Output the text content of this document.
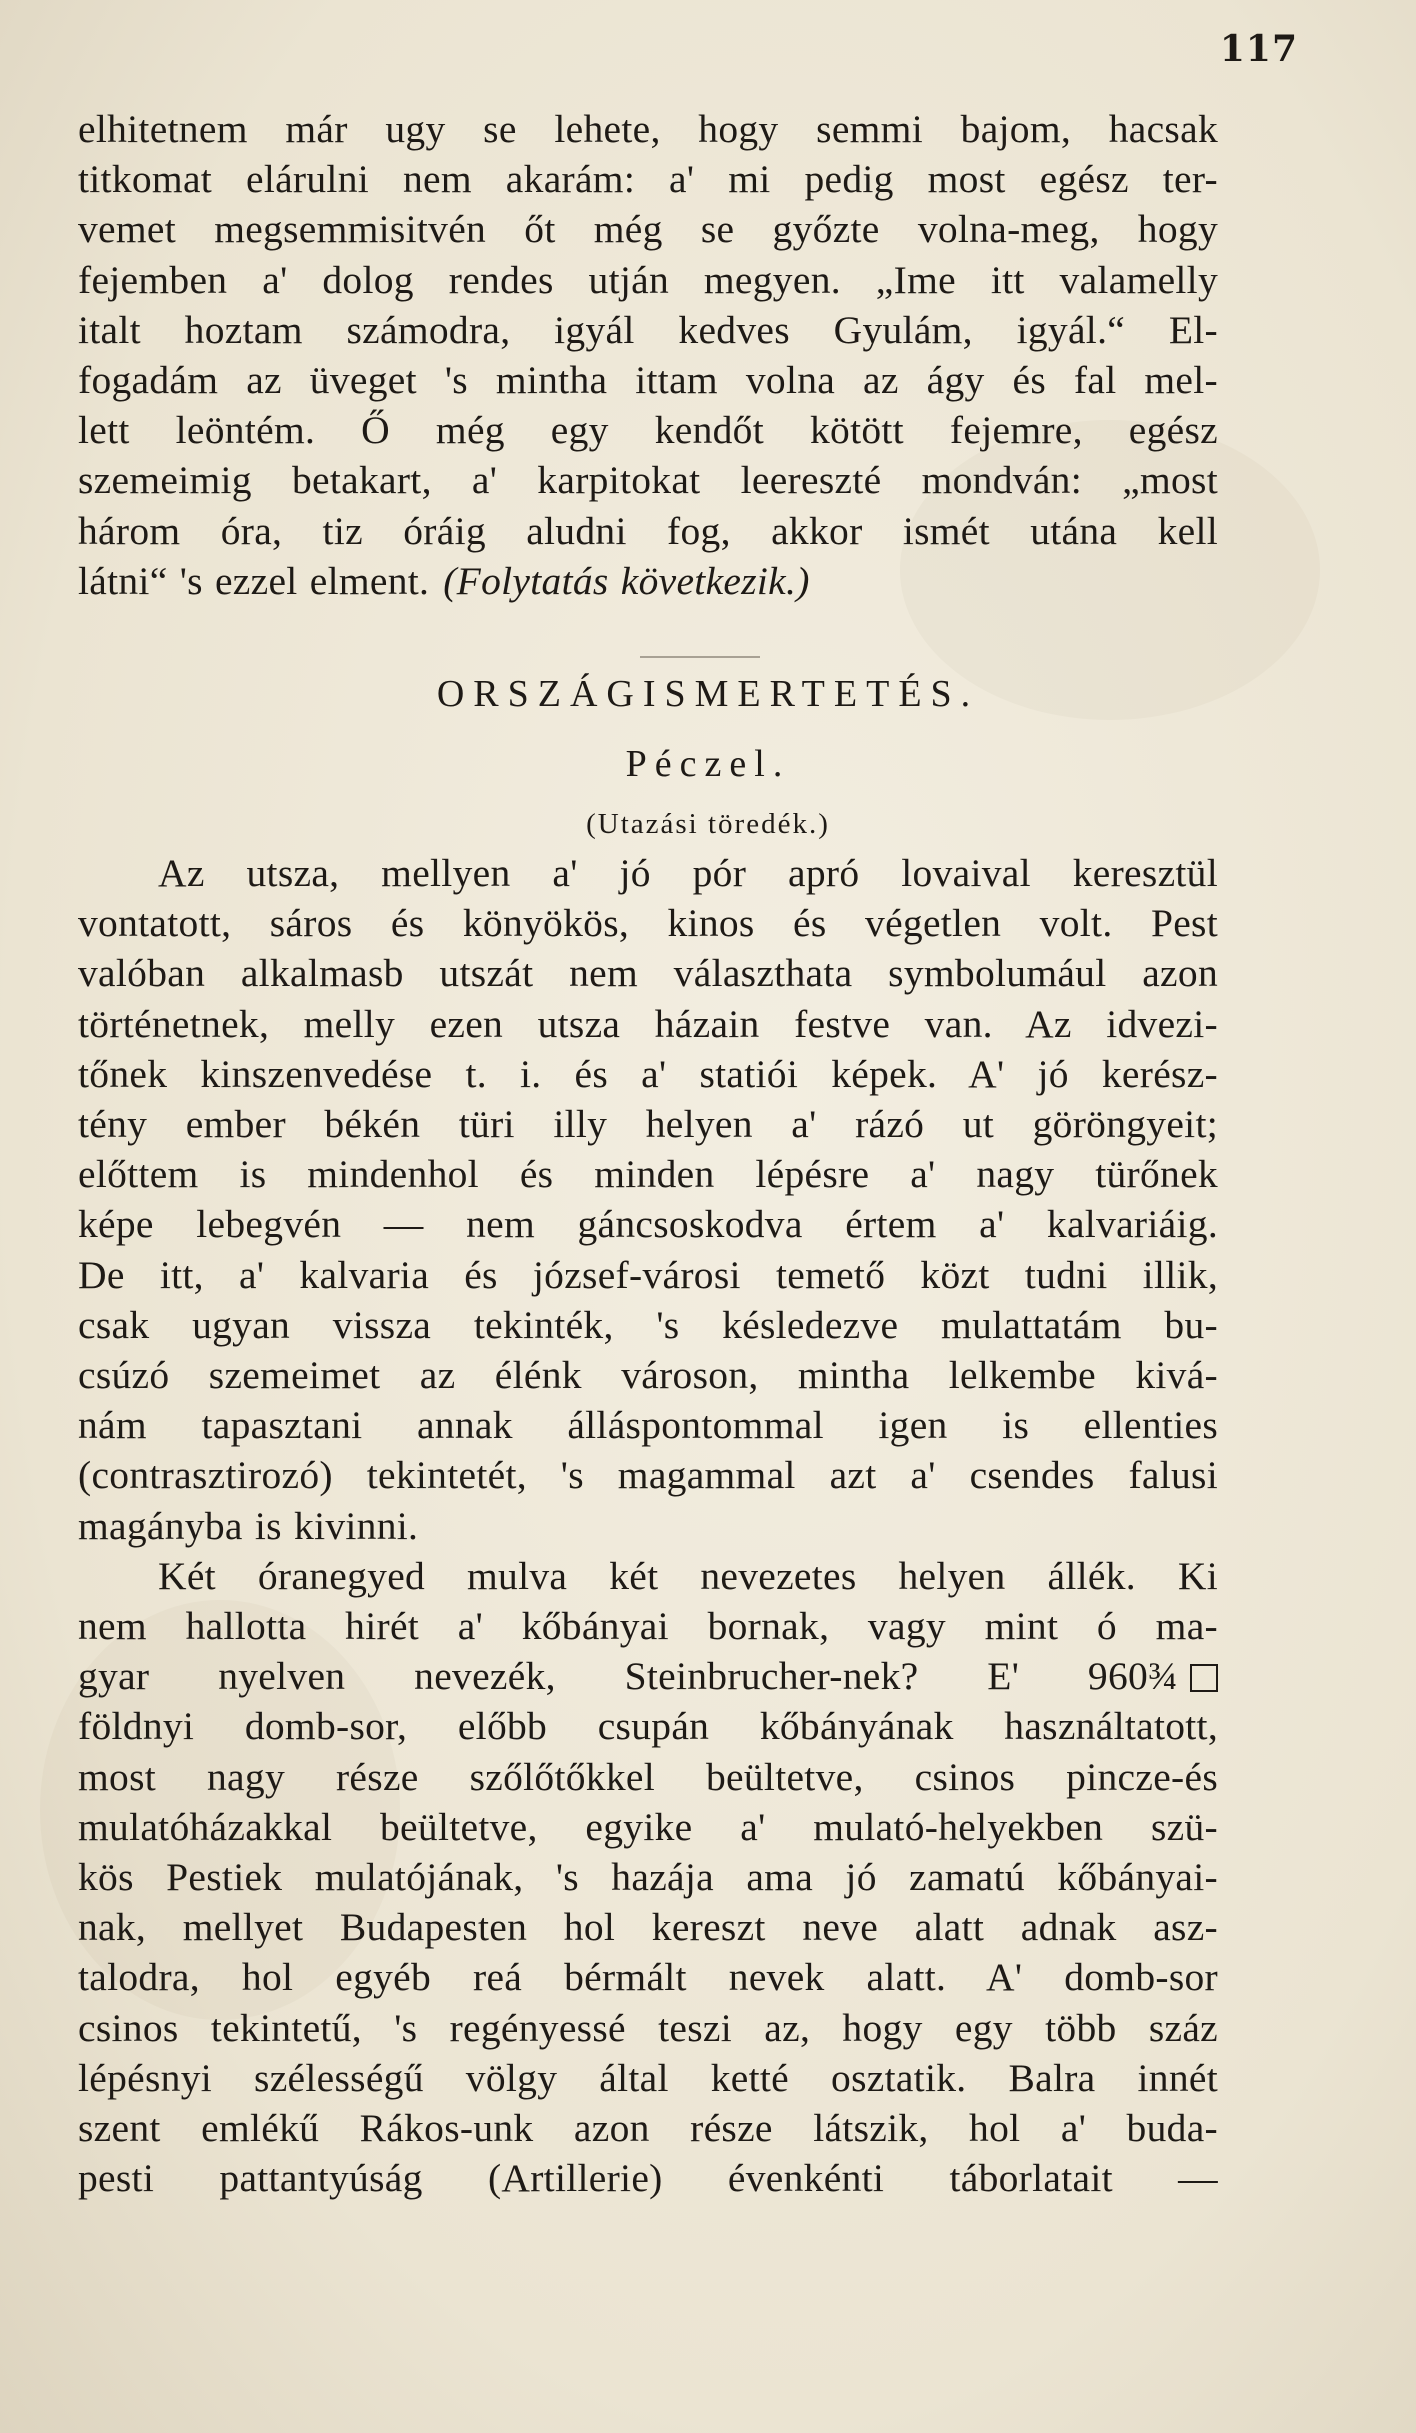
117
elhitetnem már ugy se lehete, hogy semmi bajom, hacsak
titkomat elárulni nem akarám: a' mi pedig most egész ter-
vemet megsemmisitvén őt még se győzte volna-meg, hogy
fejemben a' dolog rendes utján megyen. „Ime itt valamelly
italt hoztam számodra, igyál kedves Gyulám, igyál.“ El-
fogadám az üveget 's mintha ittam volna az ágy és fal mel-
lett leöntém. Ő még egy kendőt kötött fejemre, egész
szemeimig betakart, a' karpitokat leereszté mondván: „most
három óra, tiz óráig aludni fog, akkor ismét utána kell
látni“ 's ezzel elment. (Folytatás következik.)
ORSZÁGISMERTETÉS.
Péczel.
(Utazási töredék.)
Az utsza, mellyen a' jó pór apró lovaival keresztül
vontatott, sáros és könyökös, kinos és végetlen volt. Pest
valóban alkalmasb utszát nem választhata symbolumául azon
történetnek, melly ezen utsza házain festve van. Az idvezi-
tőnek kinszenvedése t. i. és a' statiói képek. A' jó kerész-
tény ember békén türi illy helyen a' rázó ut göröngyeit;
előttem is mindenhol és minden lépésre a' nagy türőnek
képe lebegvén — nem gáncsoskodva értem a' kalvariáig.
De itt, a' kalvaria és józsef-városi temető közt tudni illik,
csak ugyan vissza tekinték, 's késledezve mulattatám bu-
csúzó szemeimet az élénk városon, mintha lelkembe kivá-
nám tapasztani annak álláspontommal igen is ellenties
(contrasztirozó) tekintetét, 's magammal azt a' csendes falusi
magányba is kivinni.
Két óranegyed mulva két nevezetes helyen állék. Ki
nem hallotta hirét a' kőbányai bornak, vagy mint ó ma-
gyar nyelven nevezék, Steinbrucher-nek? E' 960¾
földnyi domb-sor, előbb csupán kőbányának használtatott,
most nagy része szőlőtőkkel beültetve, csinos pincze-és
mulatóházakkal beültetve, egyike a' mulató-helyekben szü-
kös Pestiek mulatójának, 's hazája ama jó zamatú kőbányai-
nak, mellyet Budapesten hol kereszt neve alatt adnak asz-
talodra, hol egyéb reá bérmált nevek alatt. A' domb-sor
csinos tekintetű, 's regényessé teszi az, hogy egy több száz
lépésnyi szélességű völgy által ketté osztatik. Balra innét
szent emlékű Rákos-unk azon része látszik, hol a' buda-
pesti pattantyúság (Artillerie) évenkénti táborlatait —
